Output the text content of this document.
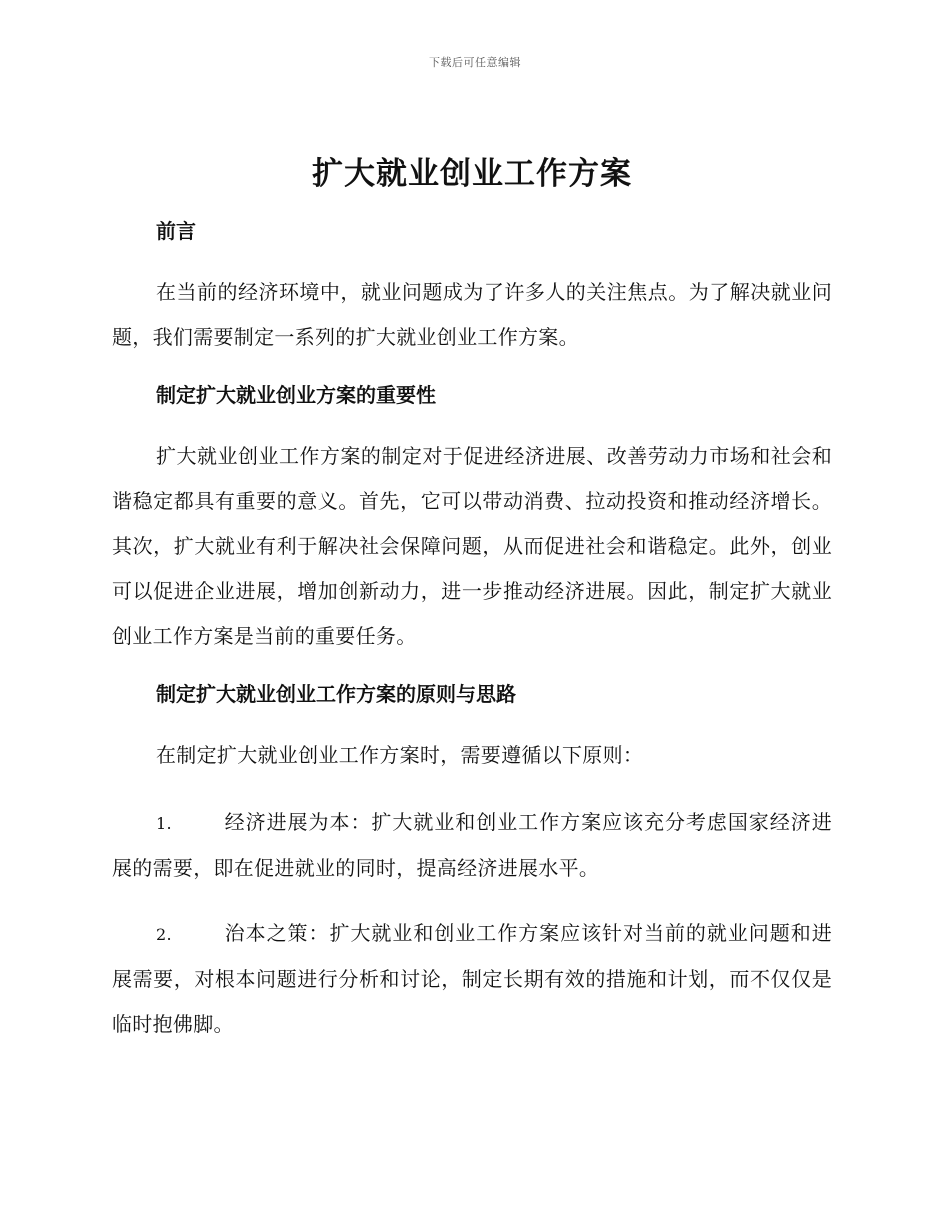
下载后可任意编辑
扩大就业创业工作方案
前言
在当前的经济环境中，就业问题成为了许多人的关注焦点。为了解决就业问题，我们需要制定一系列的扩大就业创业工作方案。
制定扩大就业创业方案的重要性
扩大就业创业工作方案的制定对于促进经济进展、改善劳动力市场和社会和谐稳定都具有重要的意义。首先，它可以带动消费、拉动投资和推动经济增长。其次，扩大就业有利于解决社会保障问题，从而促进社会和谐稳定。此外，创业可以促进企业进展，增加创新动力，进一步推动经济进展。因此，制定扩大就业创业工作方案是当前的重要任务。
制定扩大就业创业工作方案的原则与思路
在制定扩大就业创业工作方案时，需要遵循以下原则：
1.	经济进展为本：扩大就业和创业工作方案应该充分考虑国家经济进展的需要，即在促进就业的同时，提高经济进展水平。
2.	治本之策：扩大就业和创业工作方案应该针对当前的就业问题和进展需要，对根本问题进行分析和讨论，制定长期有效的措施和计划，而不仅仅是临时抱佛脚。
